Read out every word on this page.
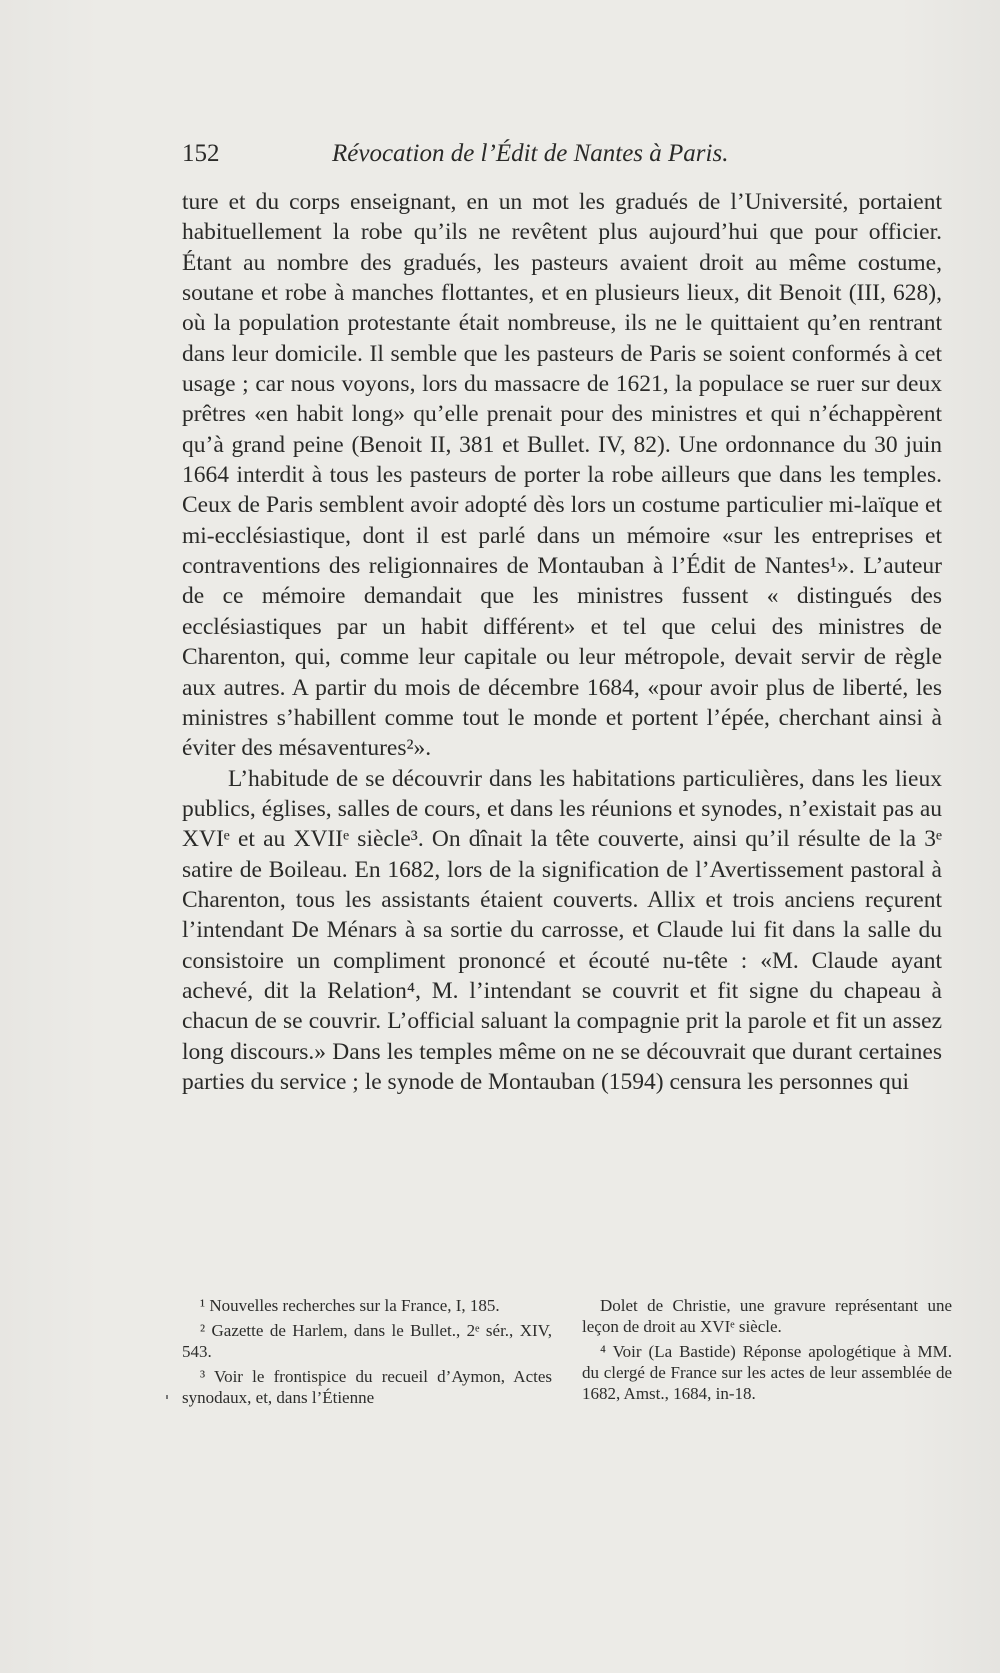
152	Révocation de l’Édit de Nantes à Paris.

ture et du corps enseignant, en un mot les gradués de l’Université, portaient habituellement la robe qu’ils ne revêtent plus aujourd’hui que pour officier. Étant au nombre des gradués, les pasteurs avaient droit au même costume, soutane et robe à manches flottantes, et en plusieurs lieux, dit Benoit (III, 628), où la population protestante était nombreuse, ils ne le quittaient qu’en rentrant dans leur domicile. Il semble que les pasteurs de Paris se soient conformés à cet usage ; car nous voyons, lors du massacre de 1621, la populace se ruer sur deux prêtres «en habit long» qu’elle prenait pour des ministres et qui n’échappèrent qu’à grand peine (Benoit II, 381 et Bullet. IV, 82). Une ordonnance du 30 juin 1664 interdit à tous les pasteurs de porter la robe ailleurs que dans les temples. Ceux de Paris semblent avoir adopté dès lors un costume particulier mi-laïque et mi-ecclésiastique, dont il est parlé dans un mémoire «sur les entreprises et contraventions des religionnaires de Montauban à l’Édit de Nantes¹». L’auteur de ce mémoire demandait que les ministres fussent « distingués des ecclésiastiques par un habit différent» et tel que celui des ministres de Charenton, qui, comme leur capitale ou leur métropole, devait servir de règle aux autres. A partir du mois de décembre 1684, «pour avoir plus de liberté, les ministres s’habillent comme tout le monde et portent l’épée, cherchant ainsi à éviter des mésaventures²».

L’habitude de se découvrir dans les habitations particulières, dans les lieux publics, églises, salles de cours, et dans les réunions et synodes, n’existait pas au XVIᵉ et au XVIIᵉ siècle³. On dînait la tête couverte, ainsi qu’il résulte de la 3ᵉ satire de Boileau. En 1682, lors de la signification de l’Avertissement pastoral à Charenton, tous les assistants étaient couverts. Allix et trois anciens reçurent l’intendant De Ménars à sa sortie du carrosse, et Claude lui fit dans la salle du consistoire un compliment prononcé et écouté nu-tête : «M. Claude ayant achevé, dit la Relation⁴, M. l’intendant se couvrit et fit signe du chapeau à chacun de se couvrir. L’official saluant la compagnie prit la parole et fit un assez long discours.» Dans les temples même on ne se découvrait que durant certaines parties du service ; le synode de Montauban (1594) censura les personnes qui

¹ Nouvelles recherches sur la France, I, 185.

² Gazette de Harlem, dans le Bullet., 2ᵉ sér., XIV, 543.

³ Voir le frontispice du recueil d’Aymon, Actes synodaux, et, dans l’Étienne

Dolet de Christie, une gravure représentant une leçon de droit au XVIᵉ siècle.

⁴ Voir (La Bastide) Réponse apologétique à MM. du clergé de France sur les actes de leur assemblée de 1682, Amst., 1684, in-18.
